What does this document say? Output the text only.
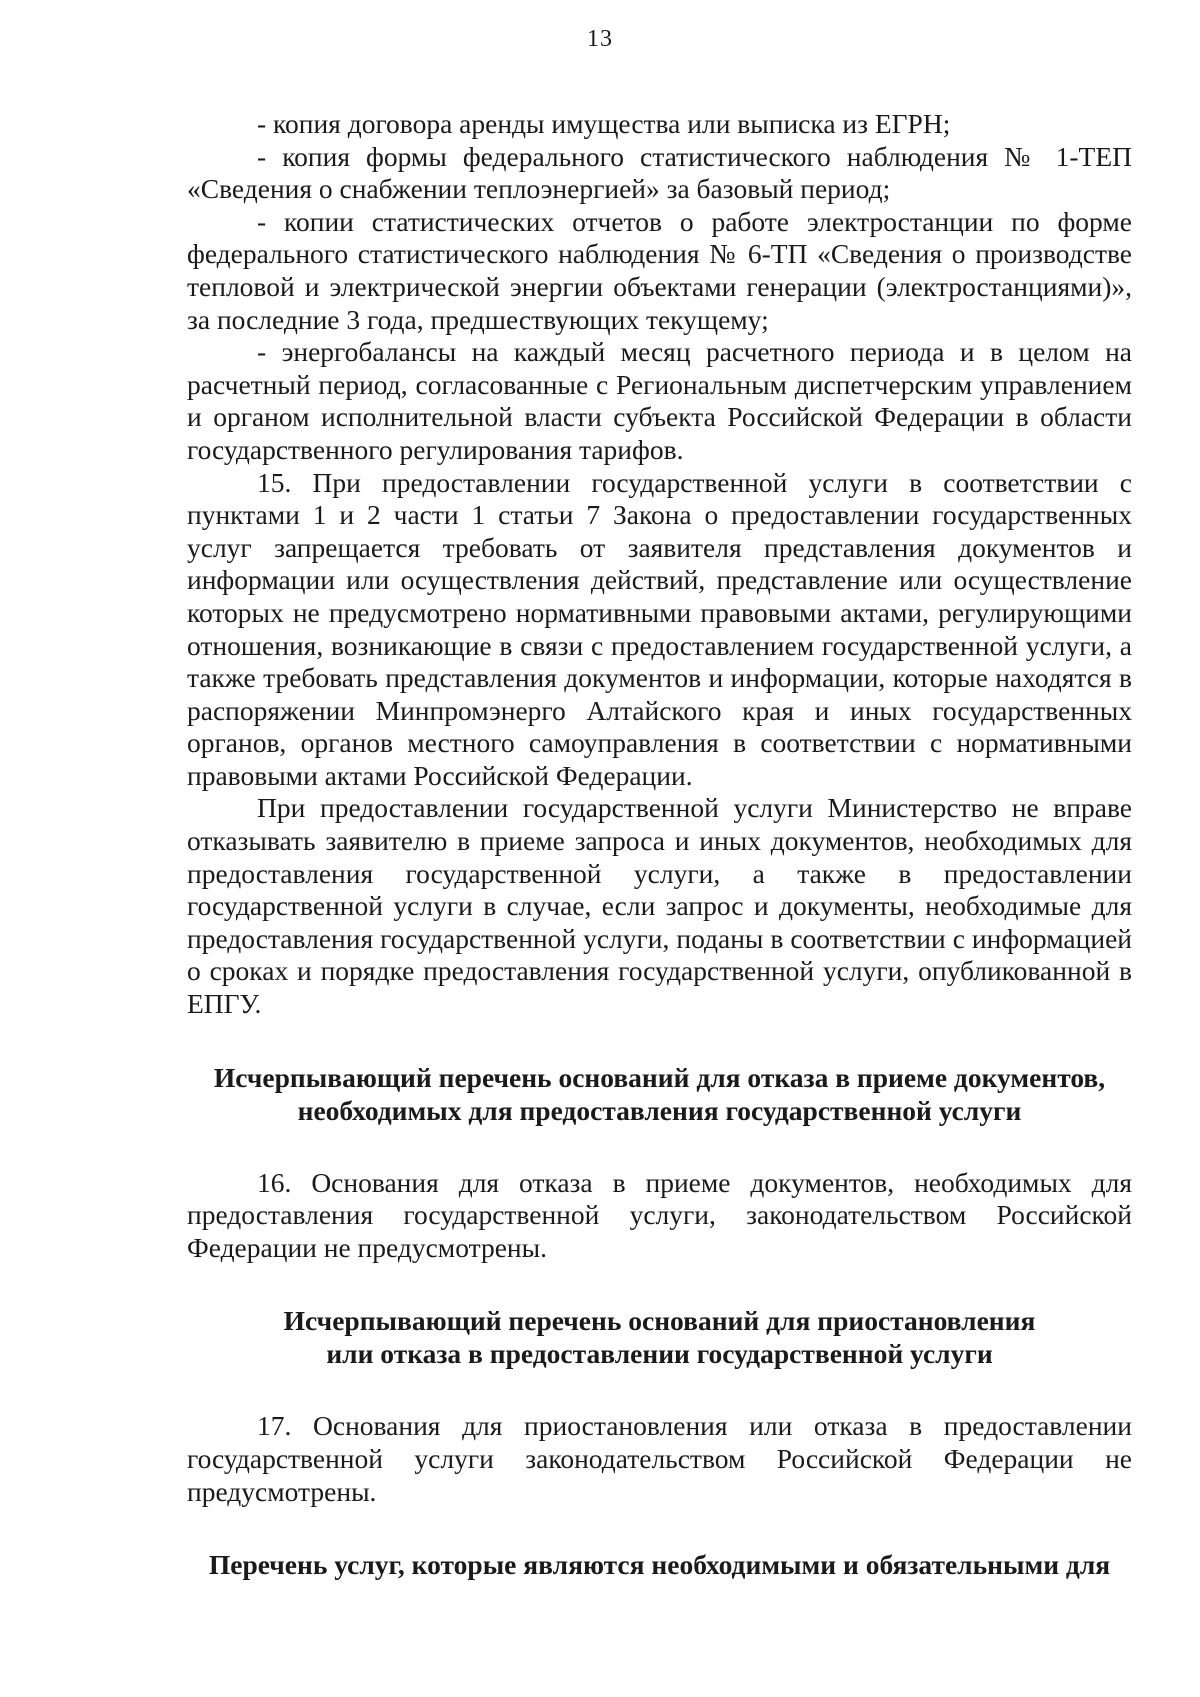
13

- копия договора аренды имущества или выписка из ЕГРН;

- копия формы федерального статистического наблюдения № 1-ТЕП «Сведения о снабжении теплоэнергией» за базовый период;

- копии статистических отчетов о работе электростанции по форме федерального статистического наблюдения № 6-ТП «Сведения о производстве тепловой и электрической энергии объектами генерации (электростанциями)», за последние 3 года, предшествующих текущему;

- энергобалансы на каждый месяц расчетного периода и в целом на расчетный период, согласованные с Региональным диспетчерским управлением и органом исполнительной власти субъекта Российской Федерации в области государственного регулирования тарифов.

15. При предоставлении государственной услуги в соответствии с пунктами 1 и 2 части 1 статьи 7 Закона о предоставлении государственных услуг запрещается требовать от заявителя представления документов и информации или осуществления действий, представление или осуществление которых не предусмотрено нормативными правовыми актами, регулирующими отношения, возникающие в связи с предоставлением государственной услуги, а также требовать представления документов и информации, которые находятся в распоряжении Минпромэнерго Алтайского края и иных государственных органов, органов местного самоуправления в соответствии с нормативными правовыми актами Российской Федерации.

При предоставлении государственной услуги Министерство не вправе отказывать заявителю в приеме запроса и иных документов, необходимых для предоставления государственной услуги, а также в предоставлении государственной услуги в случае, если запрос и документы, необходимые для предоставления государственной услуги, поданы в соответствии с информацией о сроках и порядке предоставления государственной услуги, опубликованной в ЕПГУ.

Исчерпывающий перечень оснований для отказа в приеме документов,
необходимых для предоставления государственной услуги

16. Основания для отказа в приеме документов, необходимых для предоставления государственной услуги, законодательством Российской Федерации не предусмотрены.

Исчерпывающий перечень оснований для приостановления
или отказа в предоставлении государственной услуги

17. Основания для приостановления или отказа в предоставлении государственной услуги законодательством Российской Федерации не предусмотрены.

Перечень услуг, которые являются необходимыми и обязательными для
